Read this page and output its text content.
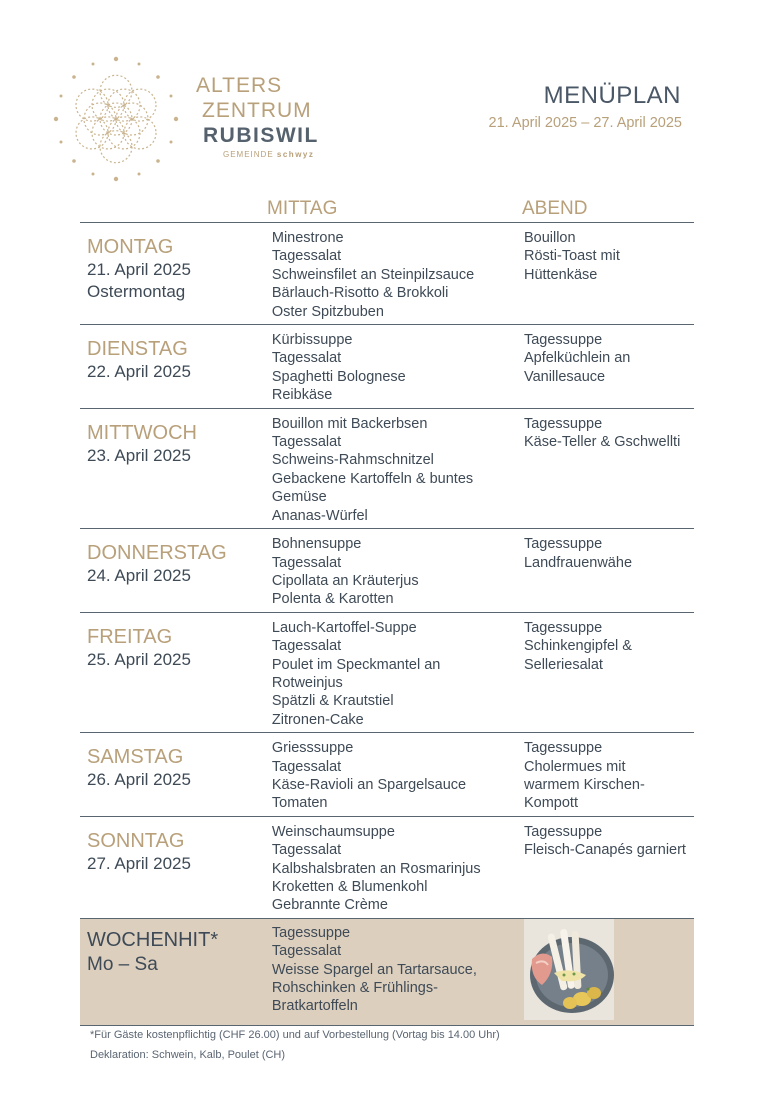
ALTERS
ZENTRUM
RUBISWIL
GEMEINDE schwyz
MENÜPLAN
21. April 2025 – 27. April 2025
MITTAG	ABEND
MONTAG
21. April 2025
Ostermontag
Minestrone
Tagessalat
Schweinsfilet an Steinpilzsauce
Bärlauch-Risotto & Brokkoli
Oster Spitzbuben
Bouillon
Rösti-Toast mit
Hüttenkäse
DIENSTAG
22. April 2025
Kürbissuppe
Tagessalat
Spaghetti Bolognese
Reibkäse
Tagessuppe
Apfelküchlein an
Vanillesauce
MITTWOCH
23. April 2025
Bouillon mit Backerbsen
Tagessalat
Schweins-Rahmschnitzel
Gebackene Kartoffeln & buntes
Gemüse
Ananas-Würfel
Tagessuppe
Käse-Teller & Gschwellti
DONNERSTAG
24. April 2025
Bohnensuppe
Tagessalat
Cipollata an Kräuterjus
Polenta & Karotten
Tagessuppe
Landfrauenwähe
FREITAG
25. April 2025
Lauch-Kartoffel-Suppe
Tagessalat
Poulet im Speckmantel an
Rotweinjus
Spätzli & Krautstiel
Zitronen-Cake
Tagessuppe
Schinkengipfel &
Selleriesalat
SAMSTAG
26. April 2025
Griesssuppe
Tagessalat
Käse-Ravioli an Spargelsauce
Tomaten
Tagessuppe
Cholermues mit
warmem Kirschen-
Kompott
SONNTAG
27. April 2025
Weinschaumsuppe
Tagessalat
Kalbshalsbraten an Rosmarinjus
Kroketten & Blumenkohl
Gebrannte Crème
Tagessuppe
Fleisch-Canapés garniert
WOCHENHIT*
Mo – Sa
Tagessuppe
Tagessalat
Weisse Spargel an Tartarsauce,
Rohschinken & Frühlings-
Bratkartoffeln
*Für Gäste kostenpflichtig (CHF 26.00) und auf Vorbestellung (Vortag bis 14.00 Uhr)
Deklaration: Schwein, Kalb, Poulet (CH)
